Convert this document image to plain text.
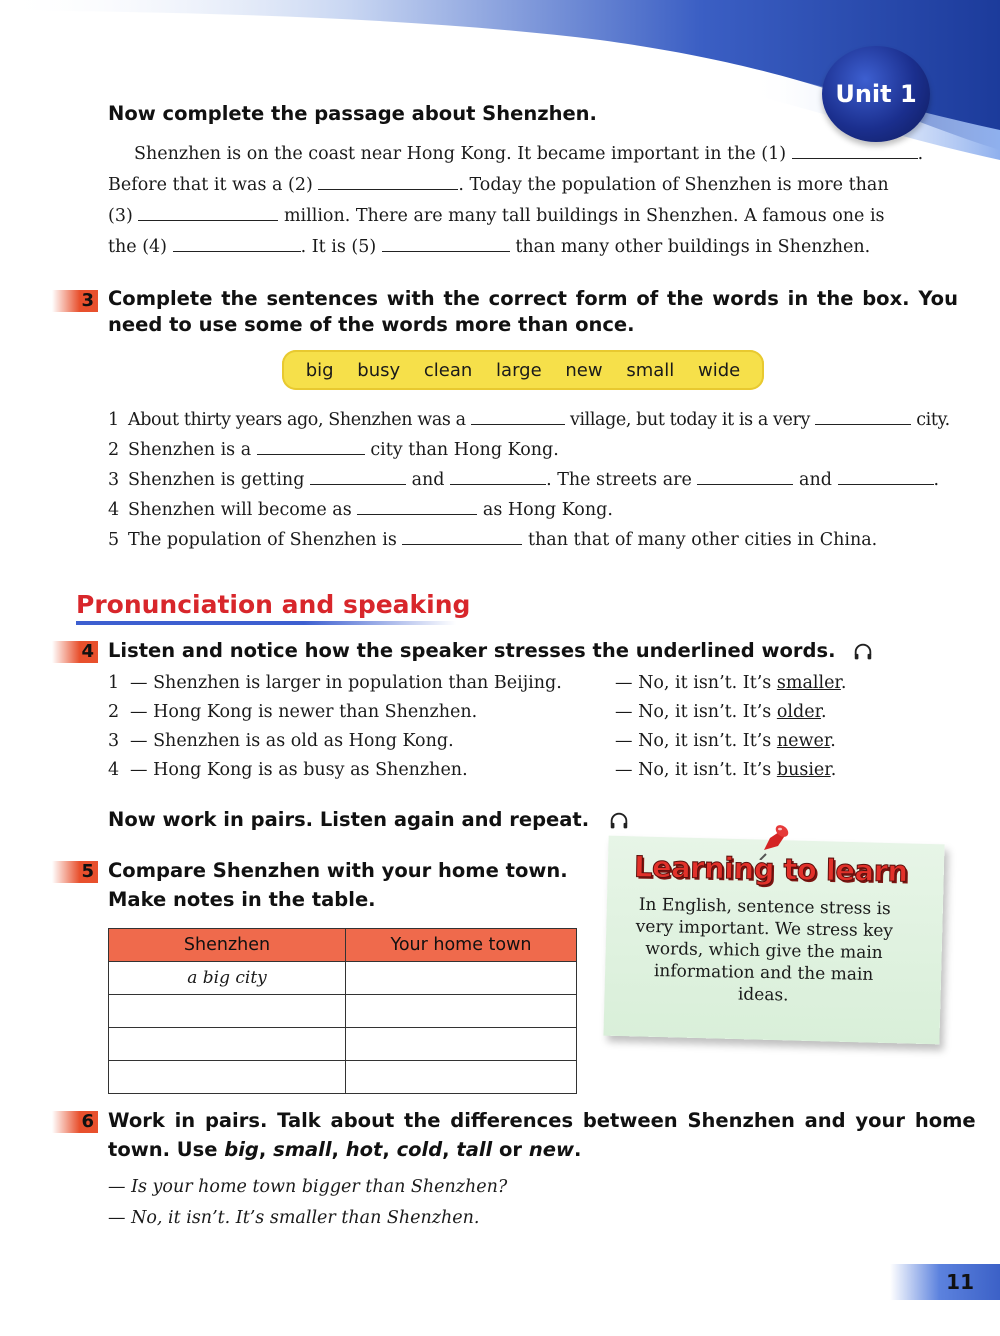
Unit 1
Now complete the passage about Shenzhen.
Shenzhen is on the coast near Hong Kong. It became important in the (1)	.
Before that it was a (2)	. Today the population of Shenzhen is more than
(3)	million. There are many tall buildings in Shenzhen. A famous one is
the (4)	. It is (5)	than many other buildings in Shenzhen.
3 Complete the sentences with the correct form of the words in the box. You
need to use some of the words more than once.
big busy clean large new small wide
1 About thirty years ago, Shenzhen was a	village, but today it is a very	city.
2 Shenzhen is a	city than Hong Kong.
3 Shenzhen is getting	and	. The streets are	and	.
4 Shenzhen will become as	as Hong Kong.
5 The population of Shenzhen is	than that of many other cities in China.
Pronunciation and speaking
4 Listen and notice how the speaker stresses the underlined words.
1 — Shenzhen is larger in population than Beijing.	— No, it isn’t. It’s smaller.
2 — Hong Kong is newer than Shenzhen.	— No, it isn’t. It’s older.
3 — Shenzhen is as old as Hong Kong.	— No, it isn’t. It’s newer.
4 — Hong Kong is as busy as Shenzhen.	— No, it isn’t. It’s busier.
Now work in pairs. Listen again and repeat.
5 Compare Shenzhen with your home town.
Make notes in the table.
Shenzhen	Your home town
a big city	

Learning to learn
In English, sentence stress is very important. We stress key words, which give the main information and the main ideas.
6 Work in pairs. Talk about the differences between Shenzhen and your home
town. Use big, small, hot, cold, tall or new.
— Is your home town bigger than Shenzhen?
— No, it isn’t. It’s smaller than Shenzhen.
11
